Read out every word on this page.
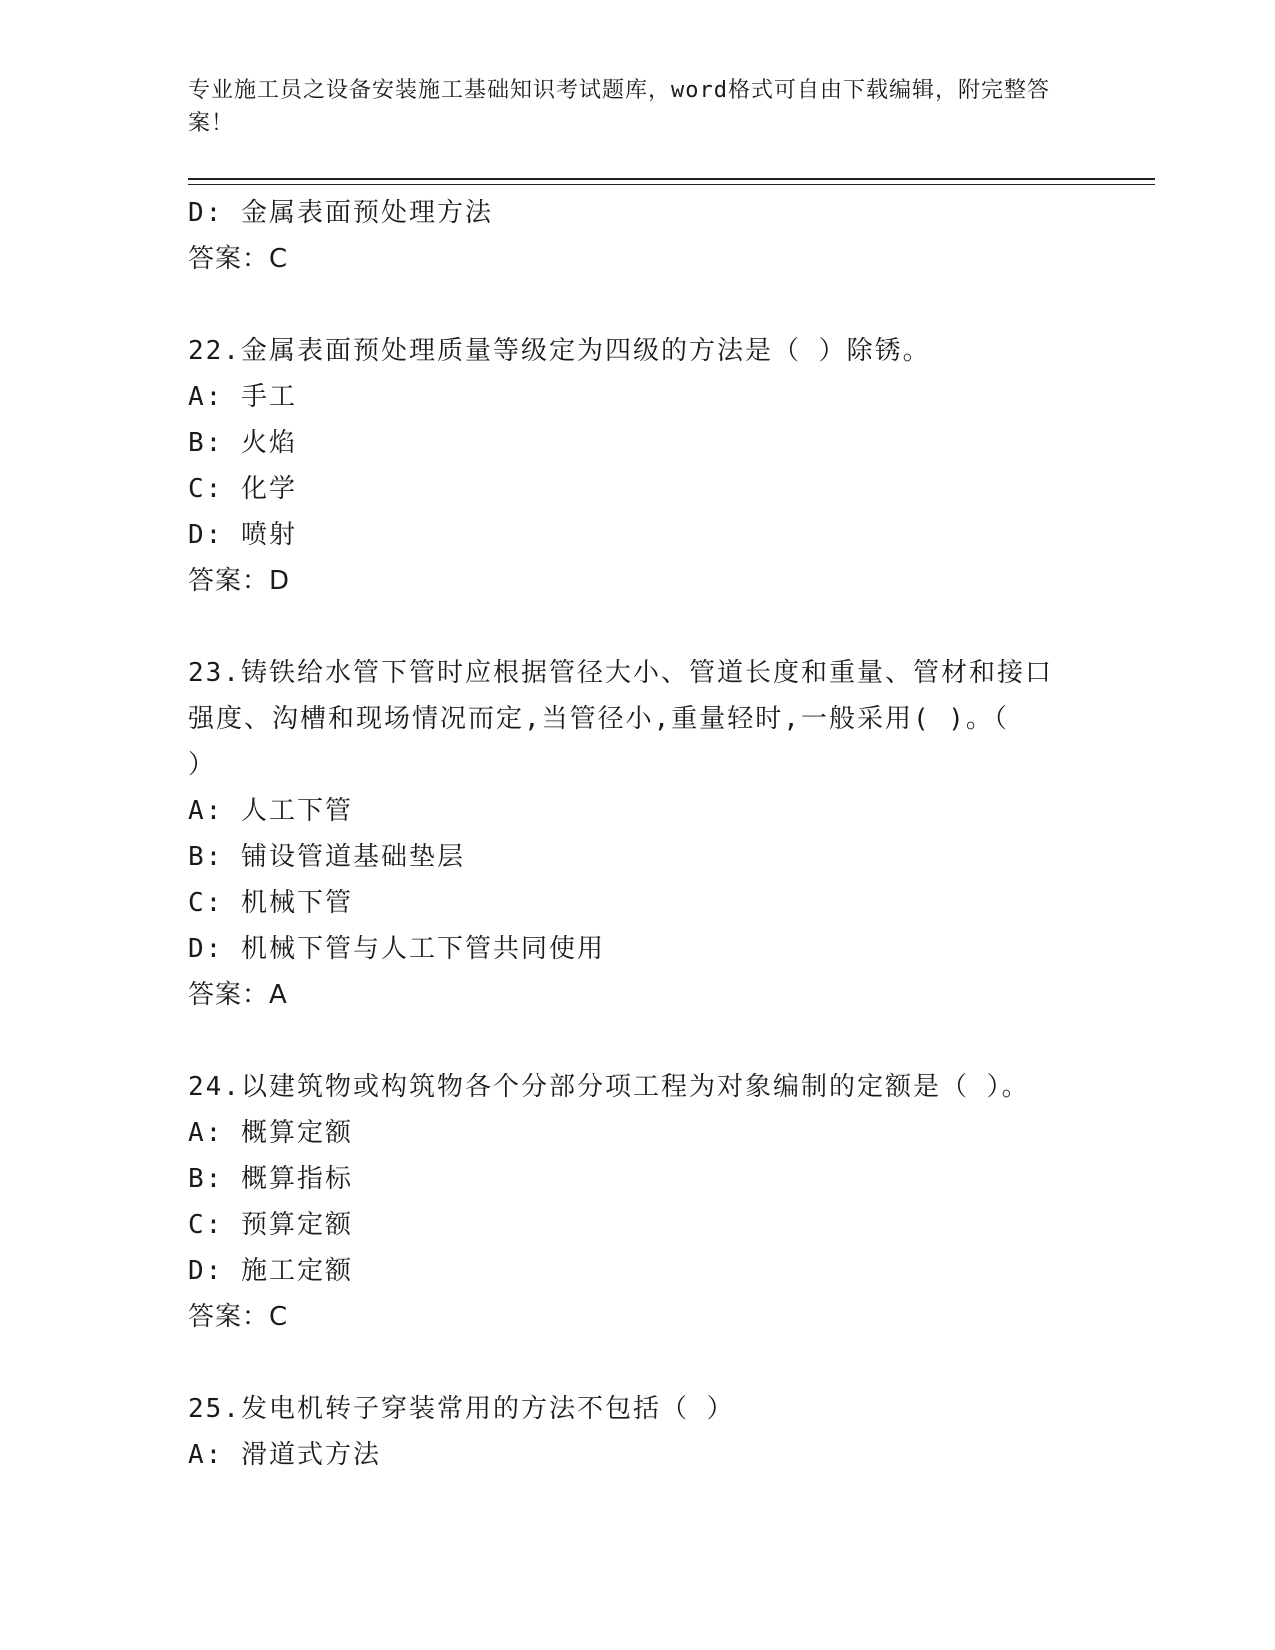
专业施工员之设备安装施工基础知识考试题库，word格式可自由下载编辑，附完整答案！
D: 金属表面预处理方法
答案：C
22.金属表面预处理质量等级定为四级的方法是（ ）除锈。
A: 手工
B: 火焰
C: 化学
D: 喷射
答案：D
23.铸铁给水管下管时应根据管径大小、管道长度和重量、管材和接口
强度、沟槽和现场情况而定,当管径小,重量轻时,一般采用( )。（
）
A: 人工下管
B: 铺设管道基础垫层
C: 机械下管
D: 机械下管与人工下管共同使用
答案：A
24.以建筑物或构筑物各个分部分项工程为对象编制的定额是（ ）。
A: 概算定额
B: 概算指标
C: 预算定额
D: 施工定额
答案：C
25.发电机转子穿装常用的方法不包括（ ）
A: 滑道式方法
